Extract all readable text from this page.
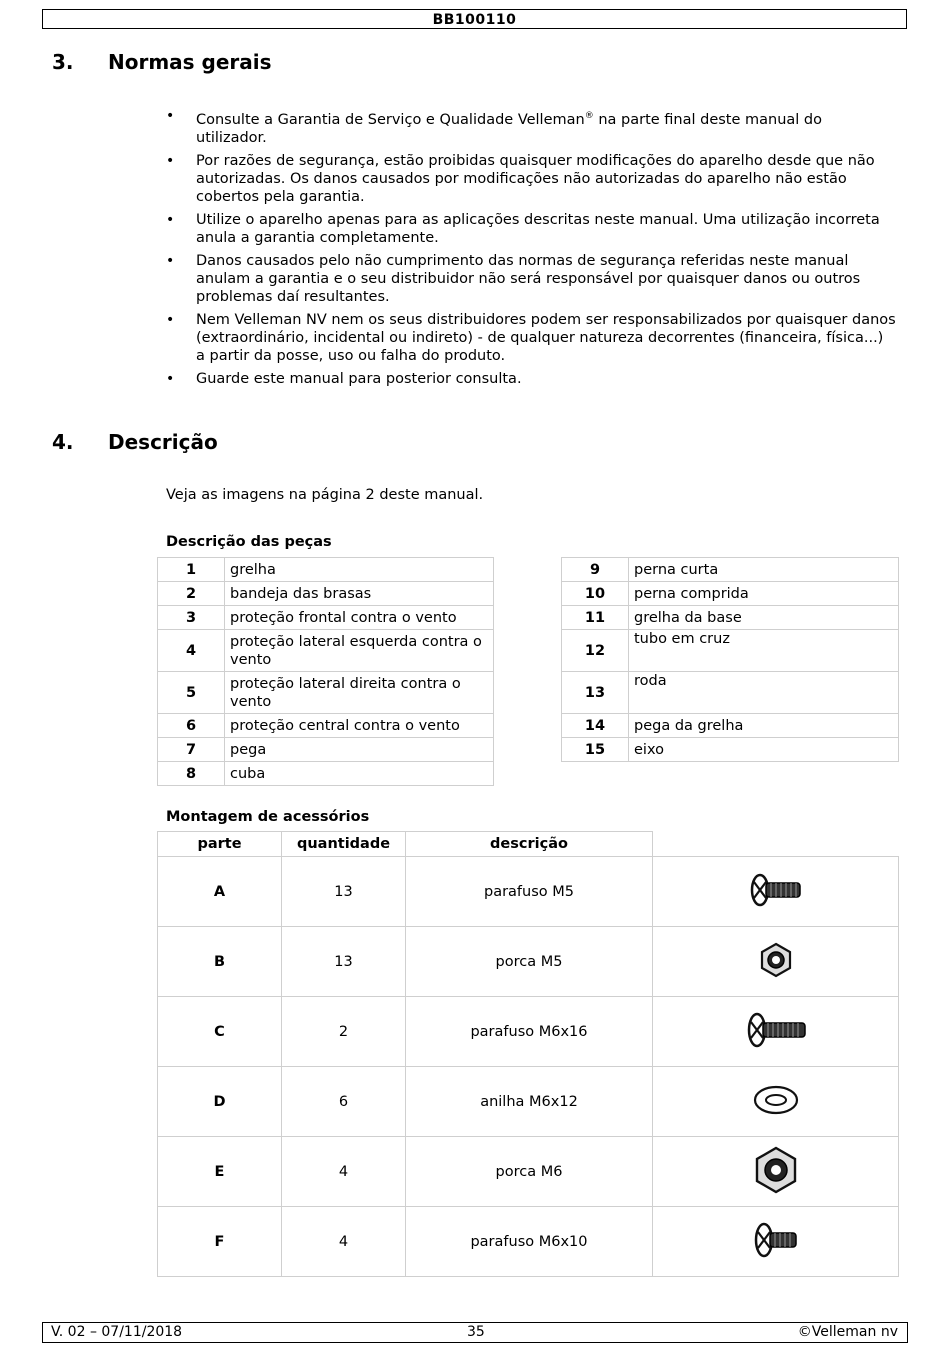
BB100110
3. Normas gerais
• Consulte a Garantia de Serviço e Qualidade Velleman® na parte final deste manual do utilizador.
• Por razões de segurança, estão proibidas quaisquer modificações do aparelho desde que não autorizadas. Os danos causados por modificações não autorizadas do aparelho não estão cobertos pela garantia.
• Utilize o aparelho apenas para as aplicações descritas neste manual. Uma utilização incorreta anula a garantia completamente.
• Danos causados pelo não cumprimento das normas de segurança referidas neste manual anulam a garantia e o seu distribuidor não será responsável por quaisquer danos ou outros problemas daí resultantes.
• Nem Velleman NV nem os seus distribuidores podem ser responsabilizados por quaisquer danos (extraordinário, incidental ou indireto) - de qualquer natureza decorrentes (financeira, física...) a partir da posse, uso ou falha do produto.
• Guarde este manual para posterior consulta.
4. Descrição
Veja as imagens na página 2 deste manual.
Descrição das peças
1	grelha
2	bandeja das brasas
3	proteção frontal contra o vento
4	proteção lateral esquerda contra o vento
5	proteção lateral direita contra o vento
6	proteção central contra o vento
7	pega
8	cuba
9	perna curta
10	perna comprida
11	grelha da base
12	tubo em cruz
13	roda
14	pega da grelha
15	eixo
Montagem de acessórios
parte	quantidade	descrição	
A	13	parafuso M5	
B	13	porca M5	
C	2	parafuso M6x16	
D	6	anilha M6x12	
E	4	porca M6	
F	4	parafuso M6x10	
V. 02 – 07/11/2018	35	©Velleman nv
